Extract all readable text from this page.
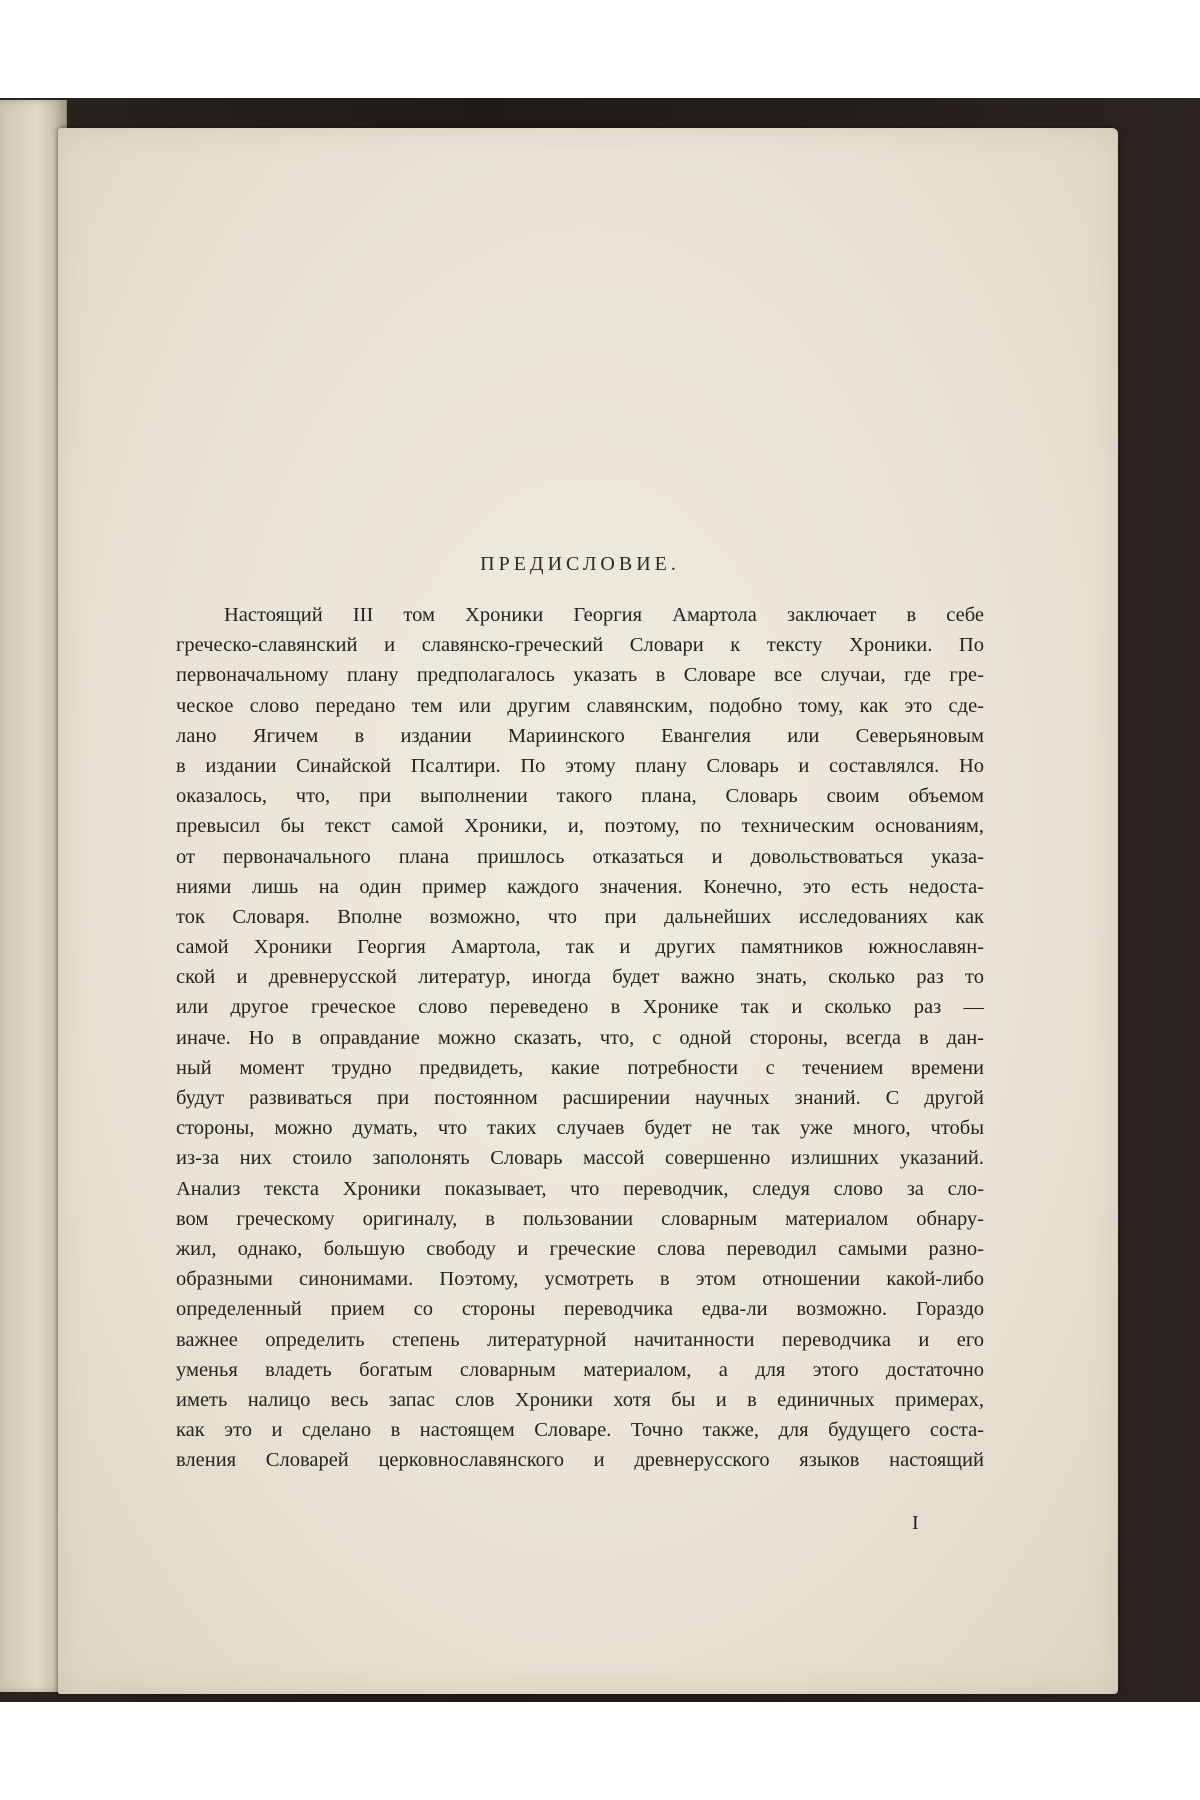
ПРЕДИСЛОВИЕ.
Настоящий III том Хроники Георгия Амартола заключает в себе
греческо-славянский и славянско-греческий Словари к тексту Хроники. По
первоначальному плану предполагалось указать в Словаре все случаи, где гре-
ческое слово передано тем или другим славянским, подобно тому, как это сде-
лано Ягичем в издании Мариинского Евангелия или Северьяновым
в издании Синайской Псалтири. По этому плану Словарь и составлялся. Но
оказалось, что, при выполнении такого плана, Словарь своим объемом
превысил бы текст самой Хроники, и, поэтому, по техническим основаниям,
от первоначального плана пришлось отказаться и довольствоваться указа-
ниями лишь на один пример каждого значения. Конечно, это есть недоста-
ток Словаря. Вполне возможно, что при дальнейших исследованиях как
самой Хроники Георгия Амартола, так и других памятников южнославян-
ской и древнерусской литератур, иногда будет важно знать, сколько раз то
или другое греческое слово переведено в Хронике так и сколько раз —
иначе. Но в оправдание можно сказать, что, с одной стороны, всегда в дан-
ный момент трудно предвидеть, какие потребности с течением времени
будут развиваться при постоянном расширении научных знаний. С другой
стороны, можно думать, что таких случаев будет не так уже много, чтобы
из-за них стоило заполонять Словарь массой совершенно излишних указаний.
Анализ текста Хроники показывает, что переводчик, следуя слово за сло-
вом греческому оригиналу, в пользовании словарным материалом обнару-
жил, однако, большую свободу и греческие слова переводил самыми разно-
образными синонимами. Поэтому, усмотреть в этом отношении какой-либо
определенный прием со стороны переводчика едва-ли возможно. Гораздо
важнее определить степень литературной начитанности переводчика и его
уменья владеть богатым словарным материалом, а для этого достаточно
иметь налицо весь запас слов Хроники хотя бы и в единичных примерах,
как это и сделано в настоящем Словаре. Точно также, для будущего соста-
вления Словарей церковнославянского и древнерусского языков настоящий
I
